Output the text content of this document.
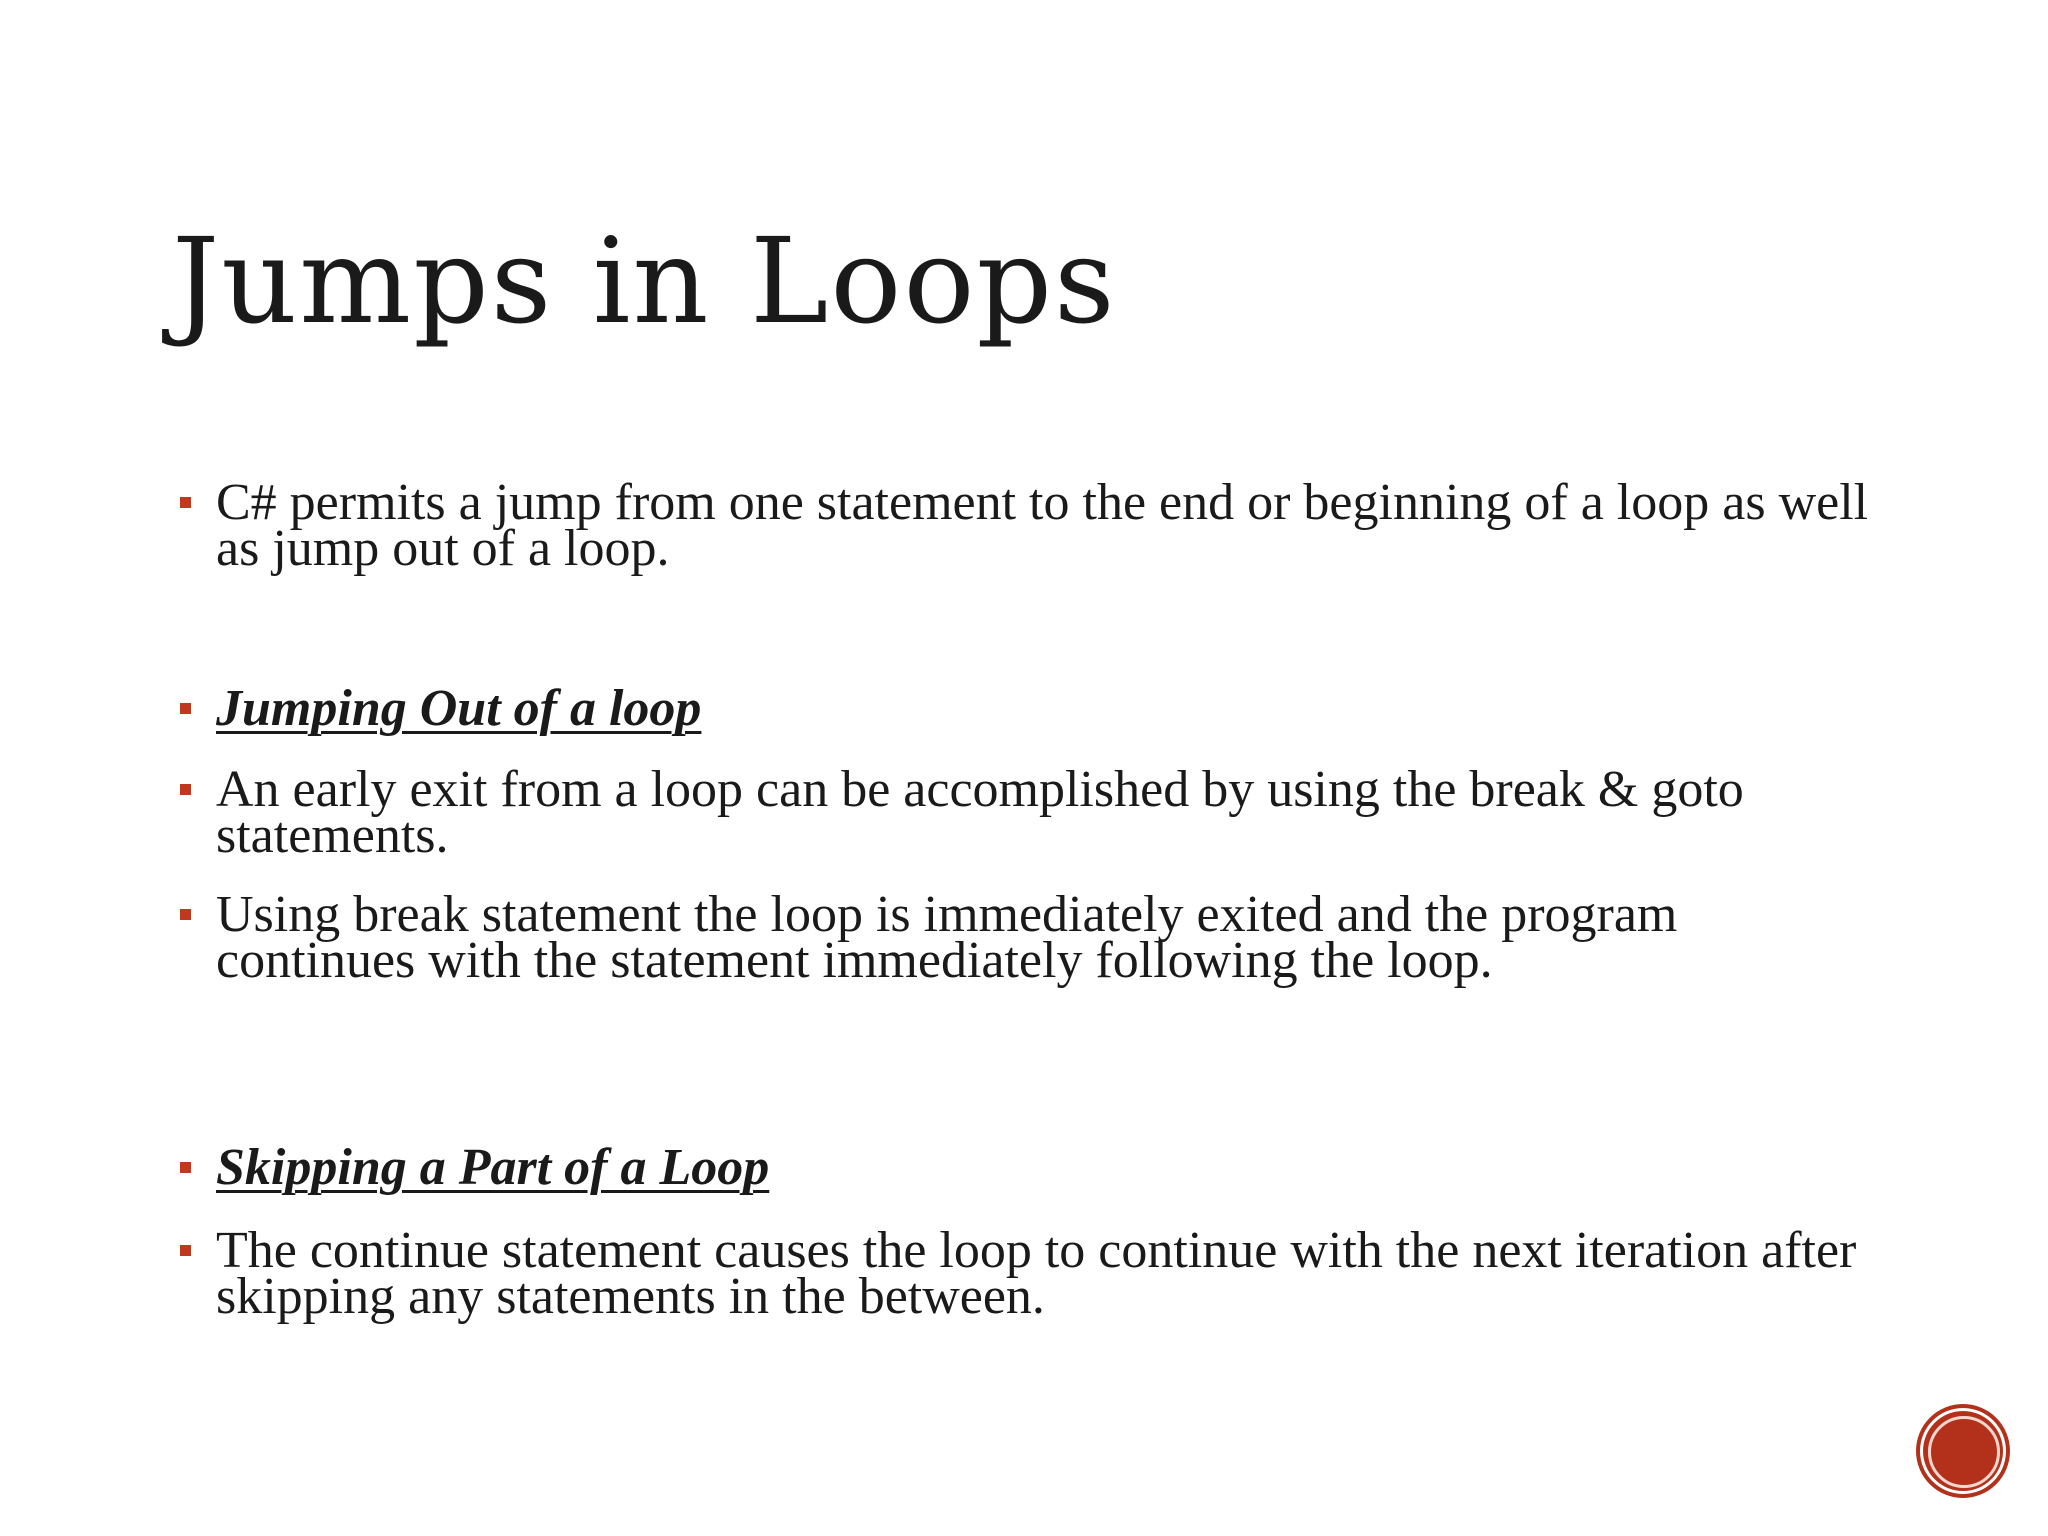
Jumps in Loops
C# permits a jump from one statement to the end or beginning of a loop as well as jump out of a loop.
Jumping Out of a loop
An early exit from a loop can be accomplished by using the break & goto statements.
Using break statement the loop is immediately exited and the program continues with the statement immediately following the loop.
Skipping a Part of a Loop
The continue statement causes the loop to continue with the next iteration after skipping any statements in the between.
